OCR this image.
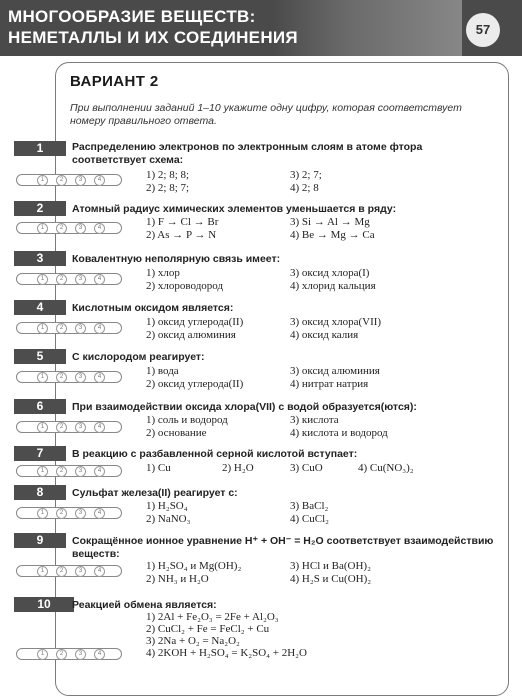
МНОГООБРАЗИЕ ВЕЩЕСТВ:
НЕМЕТАЛЛЫ И ИХ СОЕДИНЕНИЯ	57
ВАРИАНТ 2
При выполнении заданий 1–10 укажите одну цифру, которая соответствует номеру правильного ответа.
1	Распределению электронов по электронным слоям в атоме фтора соответствует схема:
1	2	3	4	1) 2; 8; 8;
2) 2; 8; 7;
3) 2; 7;
4) 2; 8
2	Атомный радиус химических элементов уменьшается в ряду:
1	2	3	4	1) F → Cl → Br
2) As → P → N
3) Si → Al → Mg
4) Be → Mg → Ca
3	Ковалентную неполярную связь имеет:
1	2	3	4	1) хлор
2) хлороводород
3) оксид хлора(I)
4) хлорид кальция
4	Кислотным оксидом является:
1	2	3	4	1) оксид углерода(II)
2) оксид алюминия
3) оксид хлора(VII)
4) оксид калия
5	С кислородом реагирует:
1	2	3	4	1) вода
2) оксид углерода(II)
3) оксид алюминия
4) нитрат натрия
6	При взаимодействии оксида хлора(VII) с водой образуется(ются):
1	2	3	4
1) соль и водород
2) основание
3) кислота
4) кислота и водород
7	В реакцию с разбавленной серной кислотой вступает:
1	2	3	4	1) Cu	2) H₂O	3) CuO	4) Cu(NO₃)₂
8	Сульфат железа(II) реагирует с:
1	2	3	4
1) H₂SO₄
2) NaNO₃
3) BaCl₂
4) CuCl₂
9	Сокращённое ионное уравнение H⁺ + OH⁻ = H₂O соответствует взаимодействию веществ:
1	2	3	4	1) H₂SO₄ и Mg(OH)₂
2) NH₃ и H₂O
3) HCl и Ba(OH)₂
4) H₂S и Cu(OH)₂
10	Реакцией обмена является:
1	2	3	4
1) 2Al + Fe₂O₃ = 2Fe + Al₂O₃
2) CuCl₂ + Fe = FeCl₂ + Cu
3) 2Na + O₂ = Na₂O₂
4) 2KOH + H₂SO₄ = K₂SO₄ + 2H₂O
